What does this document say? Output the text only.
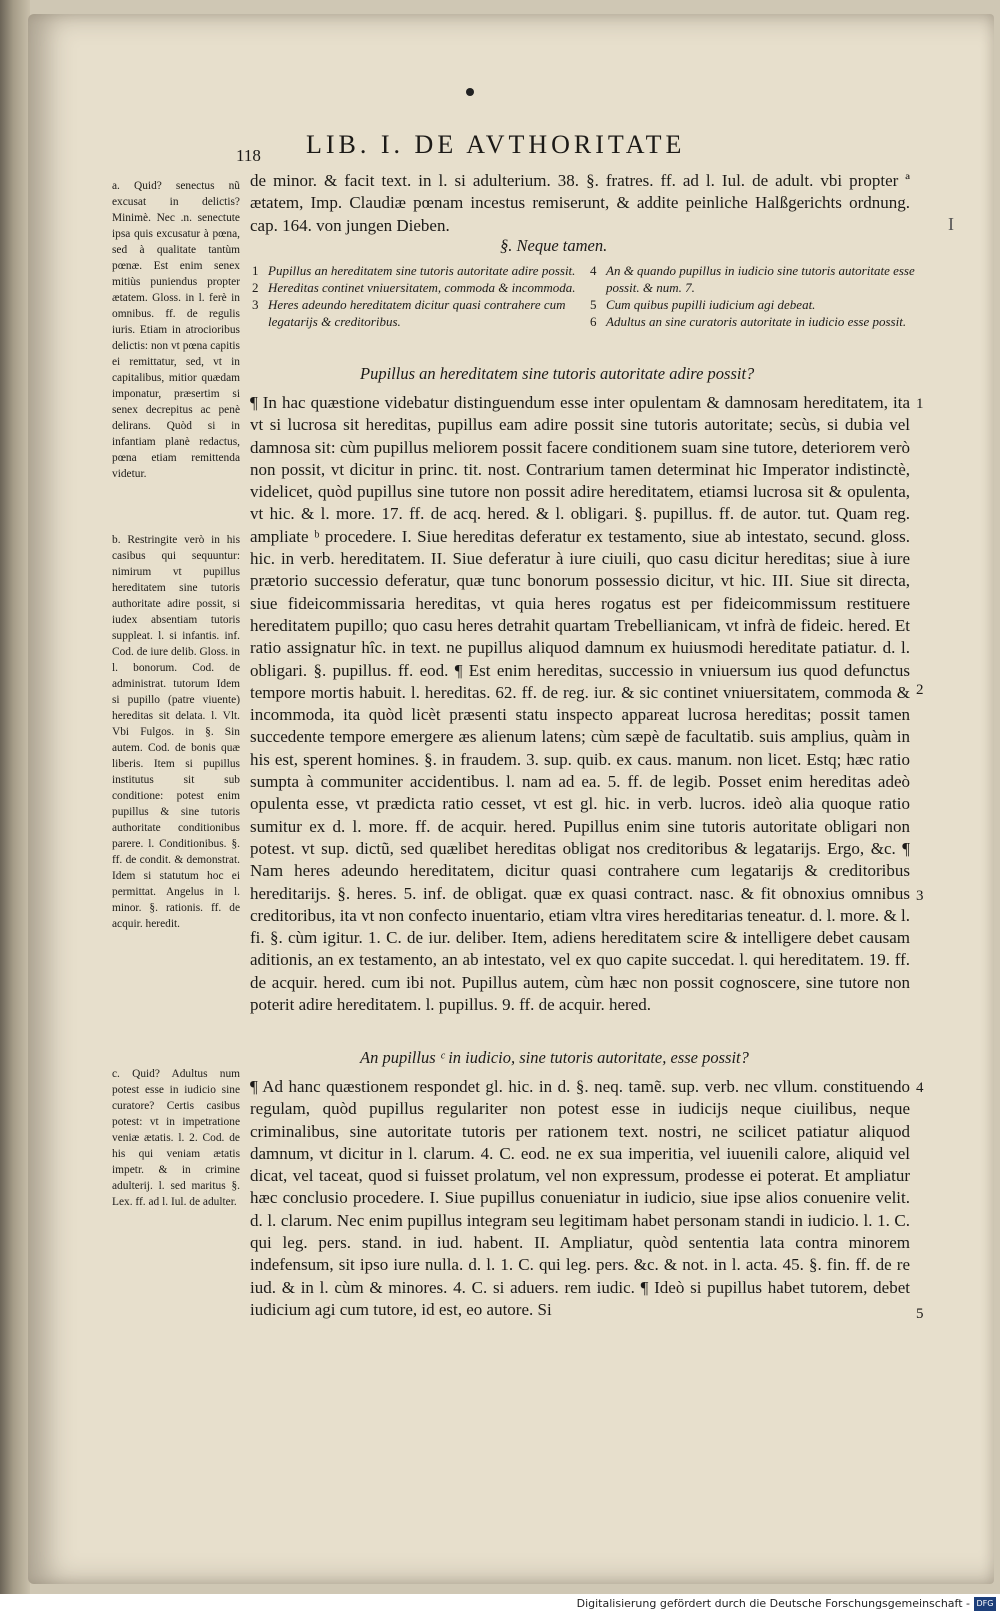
118 LIB. I. DE AVTHORITATE
I
a. Quid? senectus nũ excusat in delictis? Minimè. Nec .n. senectute ipsa quis excusatur à pœna, sed à qualitate tantùm pœnæ. Est enim senex mitiùs puniendus propter ætatem. Gloss. in l. ferè in omnibus. ff. de regulis iuris. Etiam in atrocioribus delictis: non vt pœna capitis ei remittatur, sed, vt in capitalibus, mitior quædam imponatur, præsertim si senex decrepitus ac penè delirans. Quòd si in infantiam planè redactus, pœna etiam remittenda videtur.
b. Restringite verò in his casibus qui sequuntur: nimirum vt pupillus hereditatem sine tutoris authoritate adire possit, si iudex absentiam tutoris suppleat. l. si infantis. inf. Cod. de iure delib. Gloss. in l. bonorum. Cod. de administrat. tutorum Idem si pupillo (patre viuente) hereditas sit delata. l. Vlt. Vbi Fulgos. in §. Sin autem. Cod. de bonis quæ liberis. Item si pupillus institutus sit sub conditione: potest enim pupillus & sine tutoris authoritate conditionibus parere. l. Conditionibus. §. ff. de condit. & demonstrat. Idem si statutum hoc ei permittat. Angelus in l. minor. §. rationis. ff. de acquir. heredit.
c. Quid? Adultus num potest esse in iudicio sine curatore? Certis casibus potest: vt in impetratione veniæ ætatis. l. 2. Cod. de his qui veniam ætatis impetr. & in crimine adulterij. l. sed maritus §. Lex. ff. ad l. Iul. de adulter.
de minor. & facit text. in l. si adulterium. 38. §. fratres. ff. ad l. Iul. de adult. vbi propter ª ætatem, Imp. Claudiæ pœnam incestus remiserunt, & addite peinliche Halßgerichts ordnung. cap. 164. von jungen Dieben.
§. Neque tamen.
1 Pupillus an hereditatem sine tutoris autoritate adire possit.
2 Hereditas continet vniuersitatem, commoda & incommoda.
3 Heres adeundo hereditatem dicitur quasi contrahere cum legatarijs & creditoribus.
4 An & quando pupillus in iudicio sine tutoris autoritate esse possit. & num. 7.
5 Cum quibus pupilli iudicium agi debeat.
6 Adultus an sine curatoris autoritate in iudicio esse possit.
Pupillus an hereditatem sine tutoris autoritate adire possit?
¶ In hac quæstione videbatur distinguendum esse inter opulentam & damnosam hereditatem, ita vt si lucrosa sit hereditas, pupillus eam adire possit sine tutoris autoritate; secùs, si dubia vel damnosa sit: cùm pupillus meliorem possit facere conditionem suam sine tutore, deteriorem verò non possit, vt dicitur in princ. tit. nost. Contrarium tamen determinat hic Imperator indistinctè, videlicet, quòd pupillus sine tutore non possit adire hereditatem, etiamsi lucrosa sit & opulenta, vt hic. & l. more. 17. ff. de acq. hered. & l. obligari. §. pupillus. ff. de autor. tut. Quam reg. ampliate ᵇ procedere. I. Siue hereditas deferatur ex testamento, siue ab intestato, secund. gloss. hic. in verb. hereditatem. II. Siue deferatur à iure ciuili, quo casu dicitur hereditas; siue à iure prætorio successio deferatur, quæ tunc bonorum possessio dicitur, vt hic. III. Siue sit directa, siue fideicommissaria hereditas, vt quia heres rogatus est per fideicommissum restituere hereditatem pupillo; quo casu heres detrahit quartam Trebellianicam, vt infrà de fideic. hered. Et ratio assignatur hîc. in text. ne pupillus aliquod damnum ex huiusmodi hereditate patiatur. d. l. obligari. §. pupillus. ff. eod. ¶ Est enim hereditas, successio in vniuersum ius quod defunctus tempore mortis habuit. l. hereditas. 62. ff. de reg. iur. & sic continet vniuersitatem, commoda & incommoda, ita quòd licèt præsenti statu inspecto appareat lucrosa hereditas; possit tamen succedente tempore emergere æs alienum latens; cùm sæpè de facultatib. suis amplius, quàm in his est, sperent homines. §. in fraudem. 3. sup. quib. ex caus. manum. non licet. Estq; hæc ratio sumpta à communiter accidentibus. l. nam ad ea. 5. ff. de legib. Posset enim hereditas adeò opulenta esse, vt prædicta ratio cesset, vt est gl. hic. in verb. lucros. ideò alia quoque ratio sumitur ex d. l. more. ff. de acquir. hered. Pupillus enim sine tutoris autoritate obligari non potest. vt sup. dictũ, sed quælibet hereditas obligat nos creditoribus & legatarijs. Ergo, &c. ¶ Nam heres adeundo hereditatem, dicitur quasi contrahere cum legatarijs & creditoribus hereditarijs. §. heres. 5. inf. de obligat. quæ ex quasi contract. nasc. & fit obnoxius omnibus creditoribus, ita vt non confecto inuentario, etiam vltra vires hereditarias teneatur. d. l. more. & l. fi. §. cùm igitur. 1. C. de iur. deliber. Item, adiens hereditatem scire & intelligere debet causam aditionis, an ex testamento, an ab intestato, vel ex quo capite succedat. l. qui hereditatem. 19. ff. de acquir. hered. cum ibi not. Pupillus autem, cùm hæc non possit cognoscere, sine tutore non poterit adire hereditatem. l. pupillus. 9. ff. de acquir. hered.
An pupillus ᶜ in iudicio, sine tutoris autoritate, esse possit?
¶ Ad hanc quæstionem respondet gl. hic. in d. §. neq. tamẽ. sup. verb. nec vllum. constituendo regulam, quòd pupillus regulariter non potest esse in iudicijs neque ciuilibus, neque criminalibus, sine autoritate tutoris per rationem text. nostri, ne scilicet patiatur aliquod damnum, vt dicitur in l. clarum. 4. C. eod. ne ex sua imperitia, vel iuuenili calore, aliquid vel dicat, vel taceat, quod si fuisset prolatum, vel non expressum, prodesse ei poterat. Et ampliatur hæc conclusio procedere. I. Siue pupillus conueniatur in iudicio, siue ipse alios conuenire velit. d. l. clarum. Nec enim pupillus integram seu legitimam habet personam standi in iudicio. l. 1. C. qui leg. pers. stand. in iud. habent. II. Ampliatur, quòd sententia lata contra minorem indefensum, sit ipso iure nulla. d. l. 1. C. qui leg. pers. &c. & not. in l. acta. 45. §. fin. ff. de re iud. & in l. cùm & minores. 4. C. si aduers. rem iudic. ¶ Ideò si pupillus habet tutorem, debet iudicium agi cum tutore, id est, eo autore. Si
1
2
3
4
5
Digitalisierung gefördert durch die Deutsche Forschungsgemeinschaft - DFG
